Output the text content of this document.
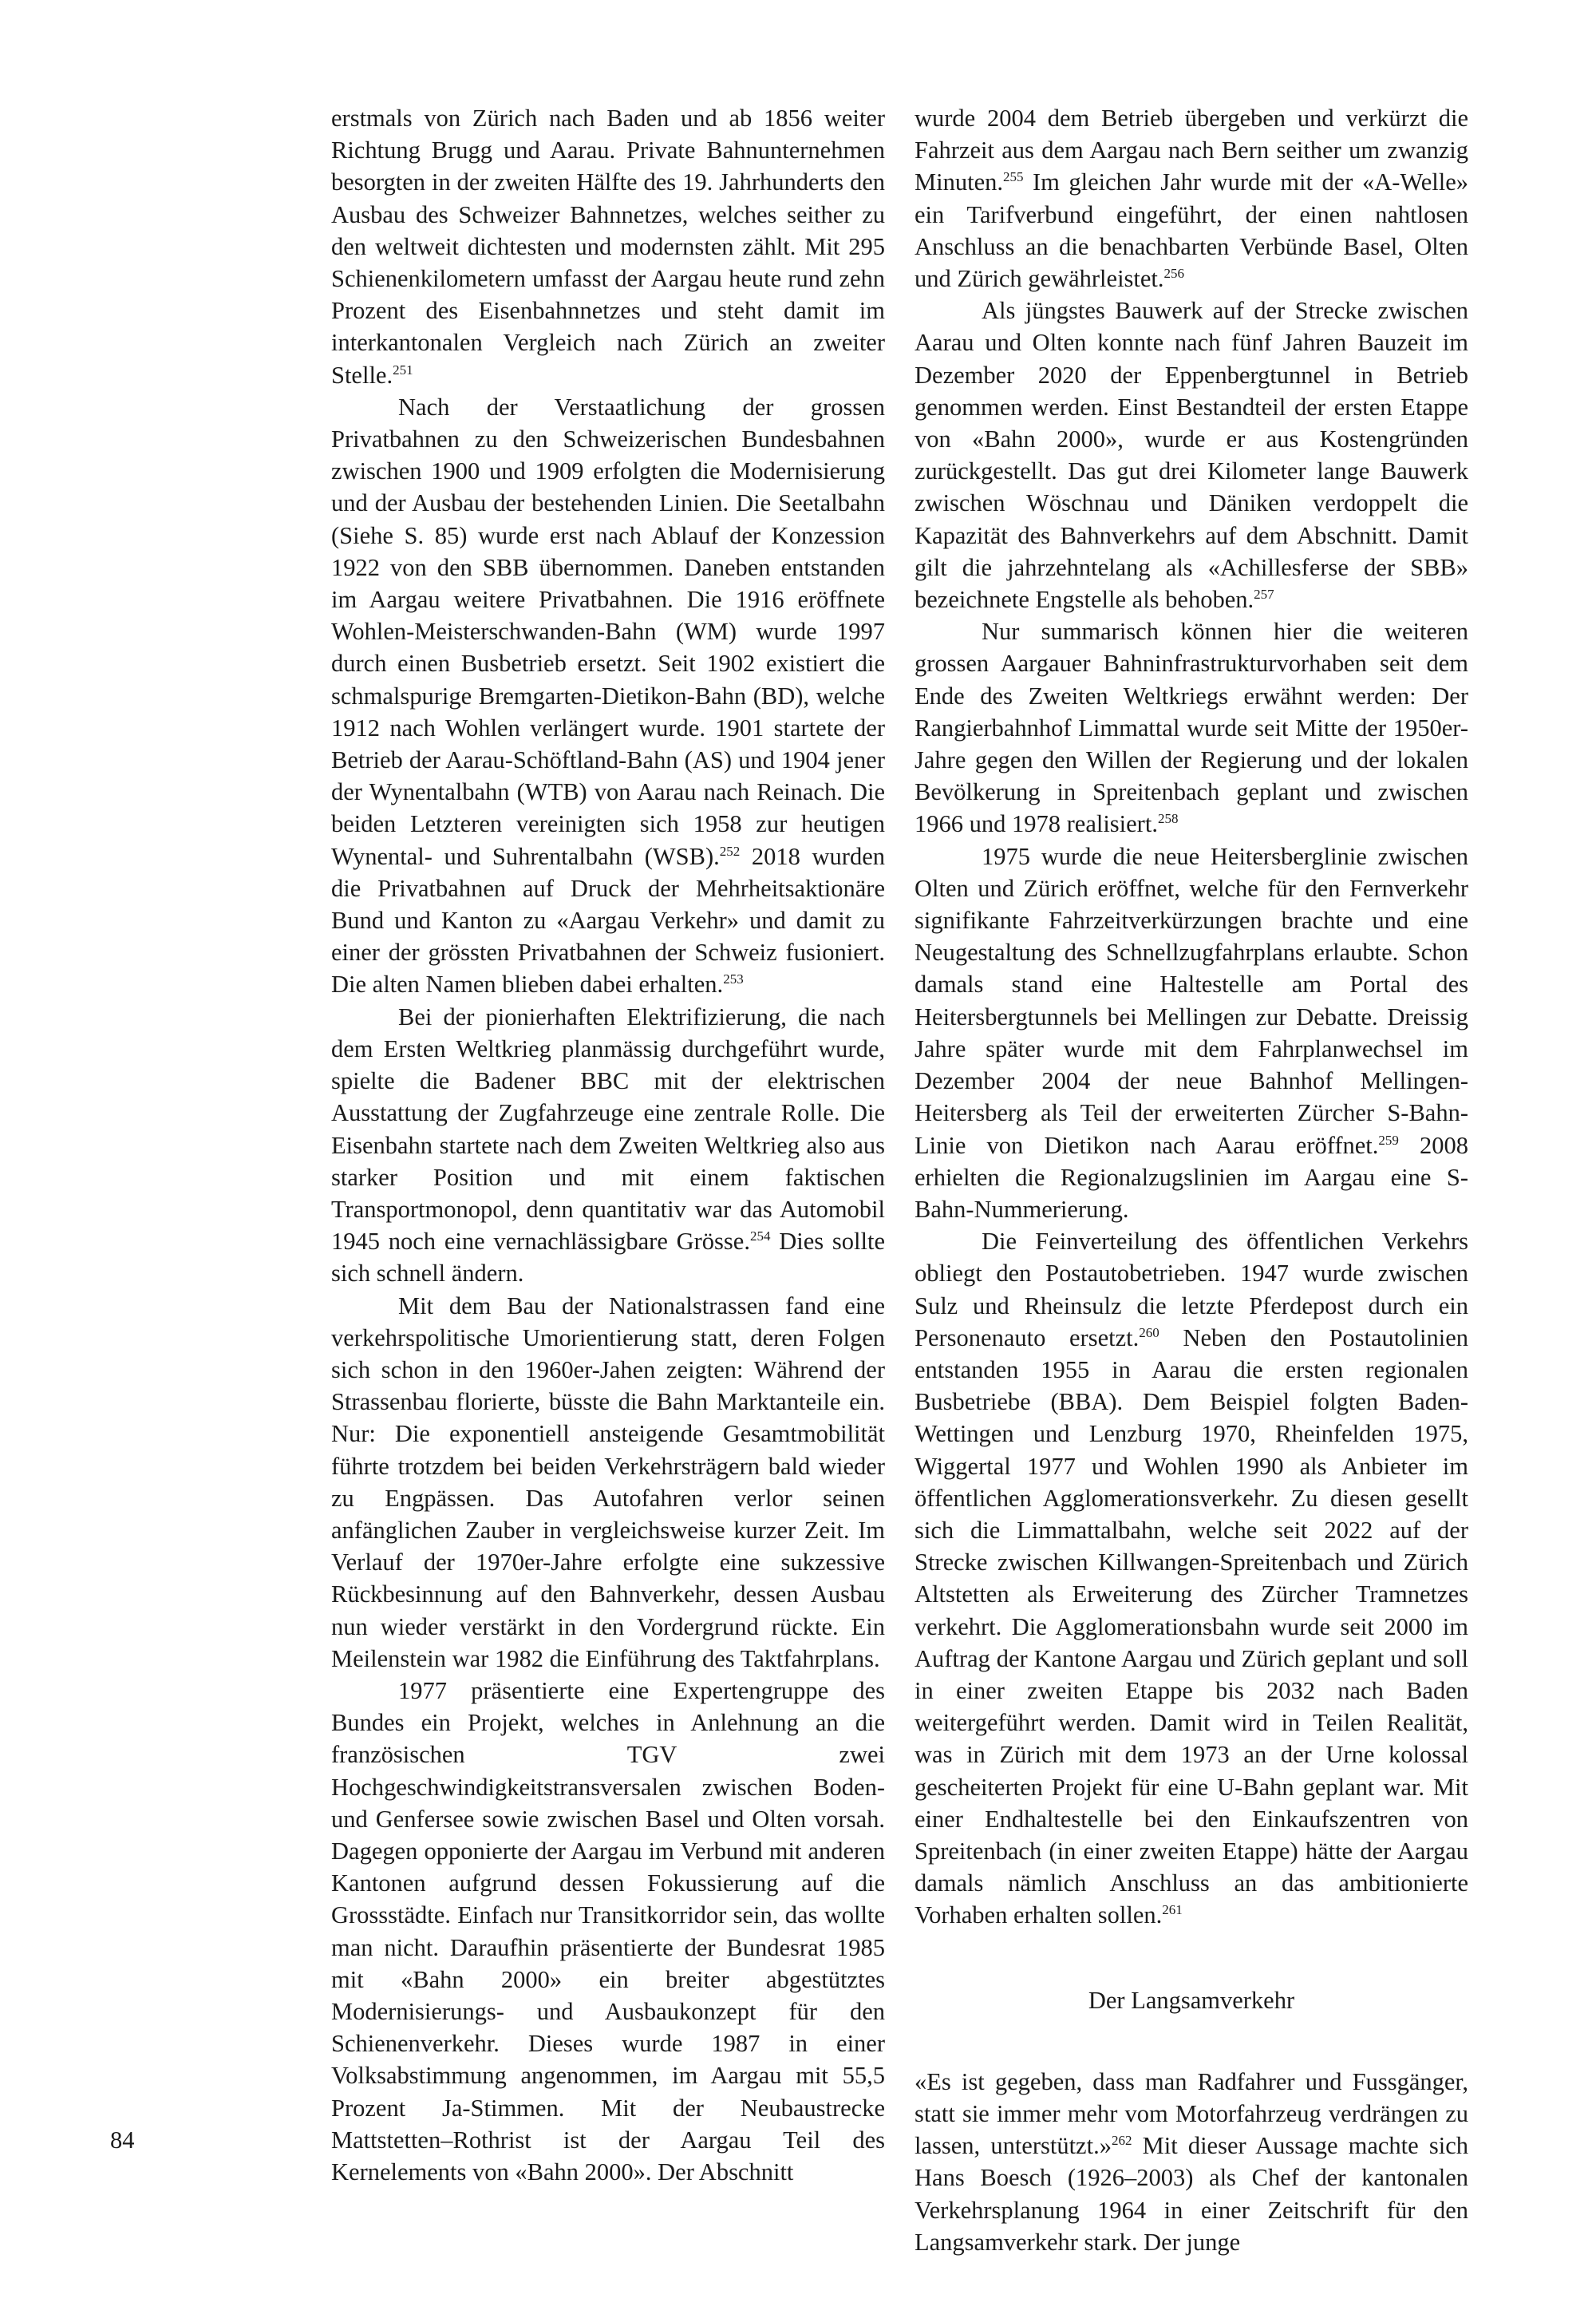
erstmals von Zürich nach Baden und ab 1856 weiter Richtung Brugg und Aarau. Private Bahnunternehmen besorgten in der zweiten Hälfte des 19. Jahrhunderts den Ausbau des Schweizer Bahnnetzes, welches seither zu den weltweit dichtesten und modernsten zählt. Mit 295 Schienenkilometern umfasst der Aargau heute rund zehn Prozent des Eisenbahnnetzes und steht damit im interkantonalen Vergleich nach Zürich an zweiter Stelle.$^{251}$

Nach der Verstaatlichung der grossen Privatbahnen zu den Schweizerischen Bundesbahnen zwischen 1900 und 1909 erfolgten die Modernisierung und der Ausbau der bestehenden Linien. Die Seetalbahn (Siehe S. 85) wurde erst nach Ablauf der Konzession 1922 von den SBB übernommen. Daneben entstanden im Aargau weitere Privatbahnen. Die 1916 eröffnete Wohlen-Meisterschwanden-Bahn (WM) wurde 1997 durch einen Busbetrieb ersetzt. Seit 1902 existiert die schmalspurige Bremgarten-Dietikon-Bahn (BD), welche 1912 nach Wohlen verlängert wurde. 1901 startete der Betrieb der Aarau-Schöftland-Bahn (AS) und 1904 jener der Wynentalbahn (WTB) von Aarau nach Reinach. Die beiden Letzteren vereinigten sich 1958 zur heutigen Wynental- und Suhrentalbahn (WSB).$^{252}$ 2018 wurden die Privatbahnen auf Druck der Mehrheitsaktionäre Bund und Kanton zu «Aargau Verkehr» und damit zu einer der grössten Privatbahnen der Schweiz fusioniert. Die alten Namen blieben dabei erhalten.$^{253}$

Bei der pionierhaften Elektrifizierung, die nach dem Ersten Weltkrieg planmässig durchgeführt wurde, spielte die Badener BBC mit der elektrischen Ausstattung der Zugfahrzeuge eine zentrale Rolle. Die Eisenbahn startete nach dem Zweiten Weltkrieg also aus starker Position und mit einem faktischen Transportmonopol, denn quantitativ war das Automobil 1945 noch eine vernachlässigbare Grösse.$^{254}$ Dies sollte sich schnell ändern.

Mit dem Bau der Nationalstrassen fand eine verkehrspolitische Umorientierung statt, deren Folgen sich schon in den 1960er-Jahen zeigten: Während der Strassenbau florierte, büsste die Bahn Marktanteile ein. Nur: Die exponentiell ansteigende Gesamtmobilität führte trotzdem bei beiden Verkehrsträgern bald wieder zu Engpässen. Das Autofahren verlor seinen anfänglichen Zauber in vergleichsweise kurzer Zeit. Im Verlauf der 1970er-Jahre erfolgte eine sukzessive Rückbesinnung auf den Bahnverkehr, dessen Ausbau nun wieder verstärkt in den Vordergrund rückte. Ein Meilenstein war 1982 die Einführung des Taktfahrplans.

1977 präsentierte eine Expertengruppe des Bundes ein Projekt, welches in Anlehnung an die französischen TGV zwei Hochgeschwindigkeitstransversalen zwischen Boden- und Genfersee sowie zwischen Basel und Olten vorsah. Dagegen opponierte der Aargau im Verbund mit anderen Kantonen aufgrund dessen Fokussierung auf die Grossstädte. Einfach nur Transitkorridor sein, das wollte man nicht. Daraufhin präsentierte der Bundesrat 1985 mit «Bahn 2000» ein breiter abgestütztes Modernisierungs- und Ausbaukonzept für den Schienenverkehr. Dieses wurde 1987 in einer Volksabstimmung angenommen, im Aargau mit 55,5 Prozent Ja-Stimmen. Mit der Neubaustrecke Mattstetten–Rothrist ist der Aargau Teil des Kernelements von «Bahn 2000». Der Abschnitt

wurde 2004 dem Betrieb übergeben und verkürzt die Fahrzeit aus dem Aargau nach Bern seither um zwanzig Minuten.$^{255}$ Im gleichen Jahr wurde mit der «A-Welle» ein Tarifverbund eingeführt, der einen nahtlosen Anschluss an die benachbarten Verbünde Basel, Olten und Zürich gewährleistet.$^{256}$

Als jüngstes Bauwerk auf der Strecke zwischen Aarau und Olten konnte nach fünf Jahren Bauzeit im Dezember 2020 der Eppenbergtunnel in Betrieb genommen werden. Einst Bestandteil der ersten Etappe von «Bahn 2000», wurde er aus Kostengründen zurückgestellt. Das gut drei Kilometer lange Bauwerk zwischen Wöschnau und Däniken verdoppelt die Kapazität des Bahnverkehrs auf dem Abschnitt. Damit gilt die jahrzehntelang als «Achillesferse der SBB» bezeichnete Engstelle als behoben.$^{257}$

Nur summarisch können hier die weiteren grossen Aargauer Bahninfrastrukturvorhaben seit dem Ende des Zweiten Weltkriegs erwähnt werden: Der Rangierbahnhof Limmattal wurde seit Mitte der 1950er-Jahre gegen den Willen der Regierung und der lokalen Bevölkerung in Spreitenbach geplant und zwischen 1966 und 1978 realisiert.$^{258}$

1975 wurde die neue Heitersberglinie zwischen Olten und Zürich eröffnet, welche für den Fernverkehr signifikante Fahrzeitverkürzungen brachte und eine Neugestaltung des Schnellzugfahrplans erlaubte. Schon damals stand eine Haltestelle am Portal des Heitersbergtunnels bei Mellingen zur Debatte. Dreissig Jahre später wurde mit dem Fahrplanwechsel im Dezember 2004 der neue Bahnhof Mellingen-Heitersberg als Teil der erweiterten Zürcher S-Bahn-Linie von Dietikon nach Aarau eröffnet.$^{259}$ 2008 erhielten die Regionalzugslinien im Aargau eine S-Bahn-Nummerierung.

Die Feinverteilung des öffentlichen Verkehrs obliegt den Postautobetrieben. 1947 wurde zwischen Sulz und Rheinsulz die letzte Pferdepost durch ein Personenauto ersetzt.$^{260}$ Neben den Postautolinien entstanden 1955 in Aarau die ersten regionalen Busbetriebe (BBA). Dem Beispiel folgten Baden-Wettingen und Lenzburg 1970, Rheinfelden 1975, Wiggertal 1977 und Wohlen 1990 als Anbieter im öffentlichen Agglomerationsverkehr. Zu diesen gesellt sich die Limmattalbahn, welche seit 2022 auf der Strecke zwischen Killwangen-Spreitenbach und Zürich Altstetten als Erweiterung des Zürcher Tramnetzes verkehrt. Die Agglomerationsbahn wurde seit 2000 im Auftrag der Kantone Aargau und Zürich geplant und soll in einer zweiten Etappe bis 2032 nach Baden weitergeführt werden. Damit wird in Teilen Realität, was in Zürich mit dem 1973 an der Urne kolossal gescheiterten Projekt für eine U-Bahn geplant war. Mit einer Endhaltestelle bei den Einkaufszentren von Spreitenbach (in einer zweiten Etappe) hätte der Aargau damals nämlich Anschluss an das ambitionierte Vorhaben erhalten sollen.$^{261}$

Der Langsamverkehr

«Es ist gegeben, dass man Radfahrer und Fussgänger, statt sie immer mehr vom Motorfahrzeug verdrängen zu lassen, unterstützt.»$^{262}$ Mit dieser Aussage machte sich Hans Boesch (1926–2003) als Chef der kantonalen Verkehrsplanung 1964 in einer Zeitschrift für den Langsamverkehr stark. Der junge

84
